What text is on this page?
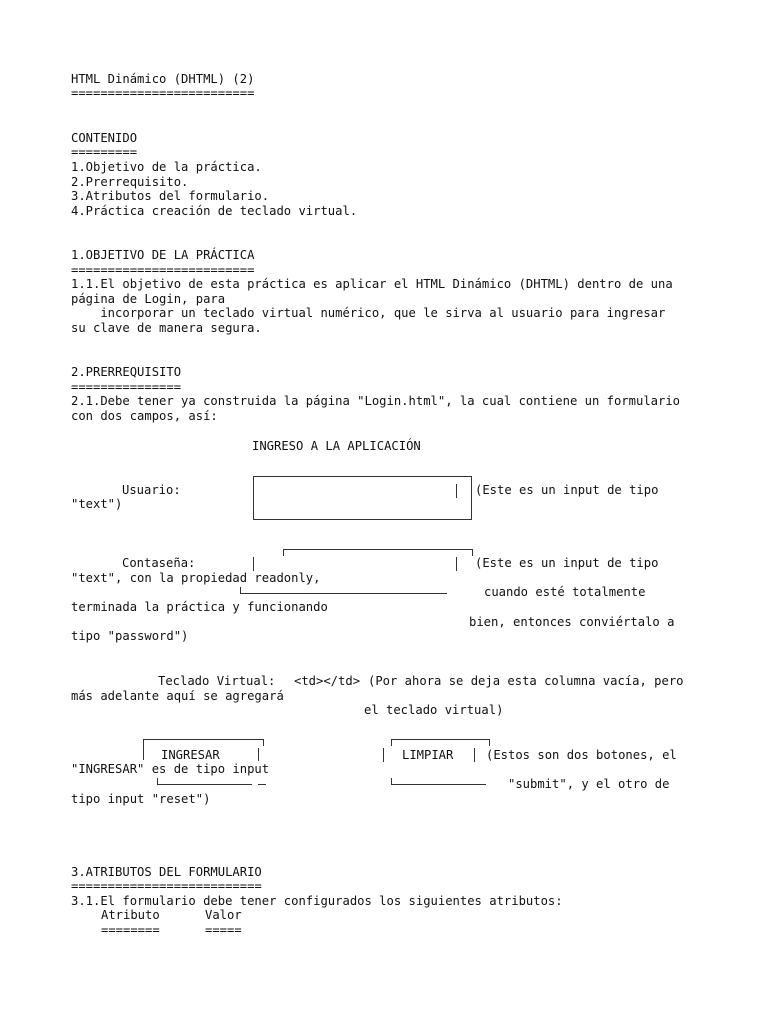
HTML Dinámico (DHTML) (2)
=========================
CONTENIDO
=========
1.Objetivo de la práctica.
2.Prerrequisito.
3.Atributos del formulario.
4.Práctica creación de teclado virtual.
1.OBJETIVO DE LA PRÁCTICA
=========================
1.1.El objetivo de esta práctica es aplicar el HTML Dinámico (DHTML) dentro de una
página de Login, para
incorporar un teclado virtual numérico, que le sirva al usuario para ingresar
su clave de manera segura.
2.PRERREQUISITO
===============
2.1.Debe tener ya construida la página "Login.html", la cual contiene un formulario
con dos campos, así:
INGRESO A LA APLICACIÓN
Usuario:	(Este es un input de tipo
"text")
Contaseña:	(Este es un input de tipo
"text", con la propiedad readonly,
cuando esté totalmente
terminada la práctica y funcionando
bien, entonces conviértalo a
tipo "password")
Teclado Virtual: <td></td> (Por ahora se deja esta columna vacía, pero
más adelante aquí se agregará
el teclado virtual)
INGRESAR	LIMPIAR	(Estos son dos botones, el
"INGRESAR" es de tipo input
"submit", y el otro de
tipo input "reset")
3.ATRIBUTOS DEL FORMULARIO
==========================
3.1.El formulario debe tener configurados los siguientes atributos:
Atributo	Valor
========	=====
